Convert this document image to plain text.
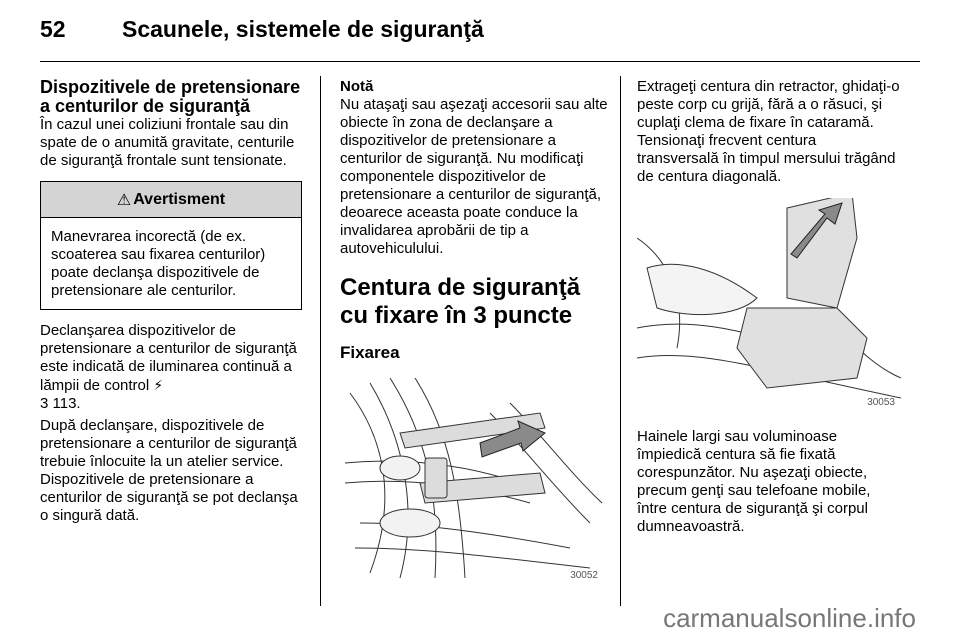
52 Scaunele, sistemele de siguranţă
Dispozitivele de pretensionare a centurilor de siguranţă

În cazul unei coliziuni frontale sau din spate de o anumită gravitate, centurile de siguranţă frontale sunt tensionate.

⚠ Avertisment
Manevrarea incorectă (de ex. scoaterea sau fixarea centurilor) poate declanşa dispozitivele de pretensionare ale centurilor.

Declanşarea dispozitivelor de pretensionare a centurilor de siguranţă este indicată de iluminarea continuă a lămpii de control ⚡
3 113.

După declanşare, dispozitivele de pretensionare a centurilor de siguranţă trebuie înlocuite la un atelier service. Dispozitivele de pretensionare a centurilor de siguranţă se pot declanşa o singură dată.

Notă

Nu ataşaţi sau aşezaţi accesorii sau alte obiecte în zona de declanşare a dispozitivelor de pretensionare a centurilor de siguranţă. Nu modificaţi componentele dispozitivelor de pretensionare a centurilor de siguranţă, deoarece aceasta poate conduce la invalidarea aprobării de tip a autovehiculului.

Centura de siguranţă cu fixare în 3 puncte
Fixarea
30052

Extrageţi centura din retractor, ghidaţi-o peste corp cu grijă, fără a o răsuci, şi cuplaţi clema de fixare în cataramă. Tensionaţi frecvent centura transversală în timpul mersului trăgând de centura diagonală.

30053

Hainele largi sau voluminoase împiedică centura să fie fixată corespunzător. Nu aşezaţi obiecte, precum genţi sau telefoane mobile, între centura de siguranţă şi corpul dumneavoastră.

carmanualsonline.info
